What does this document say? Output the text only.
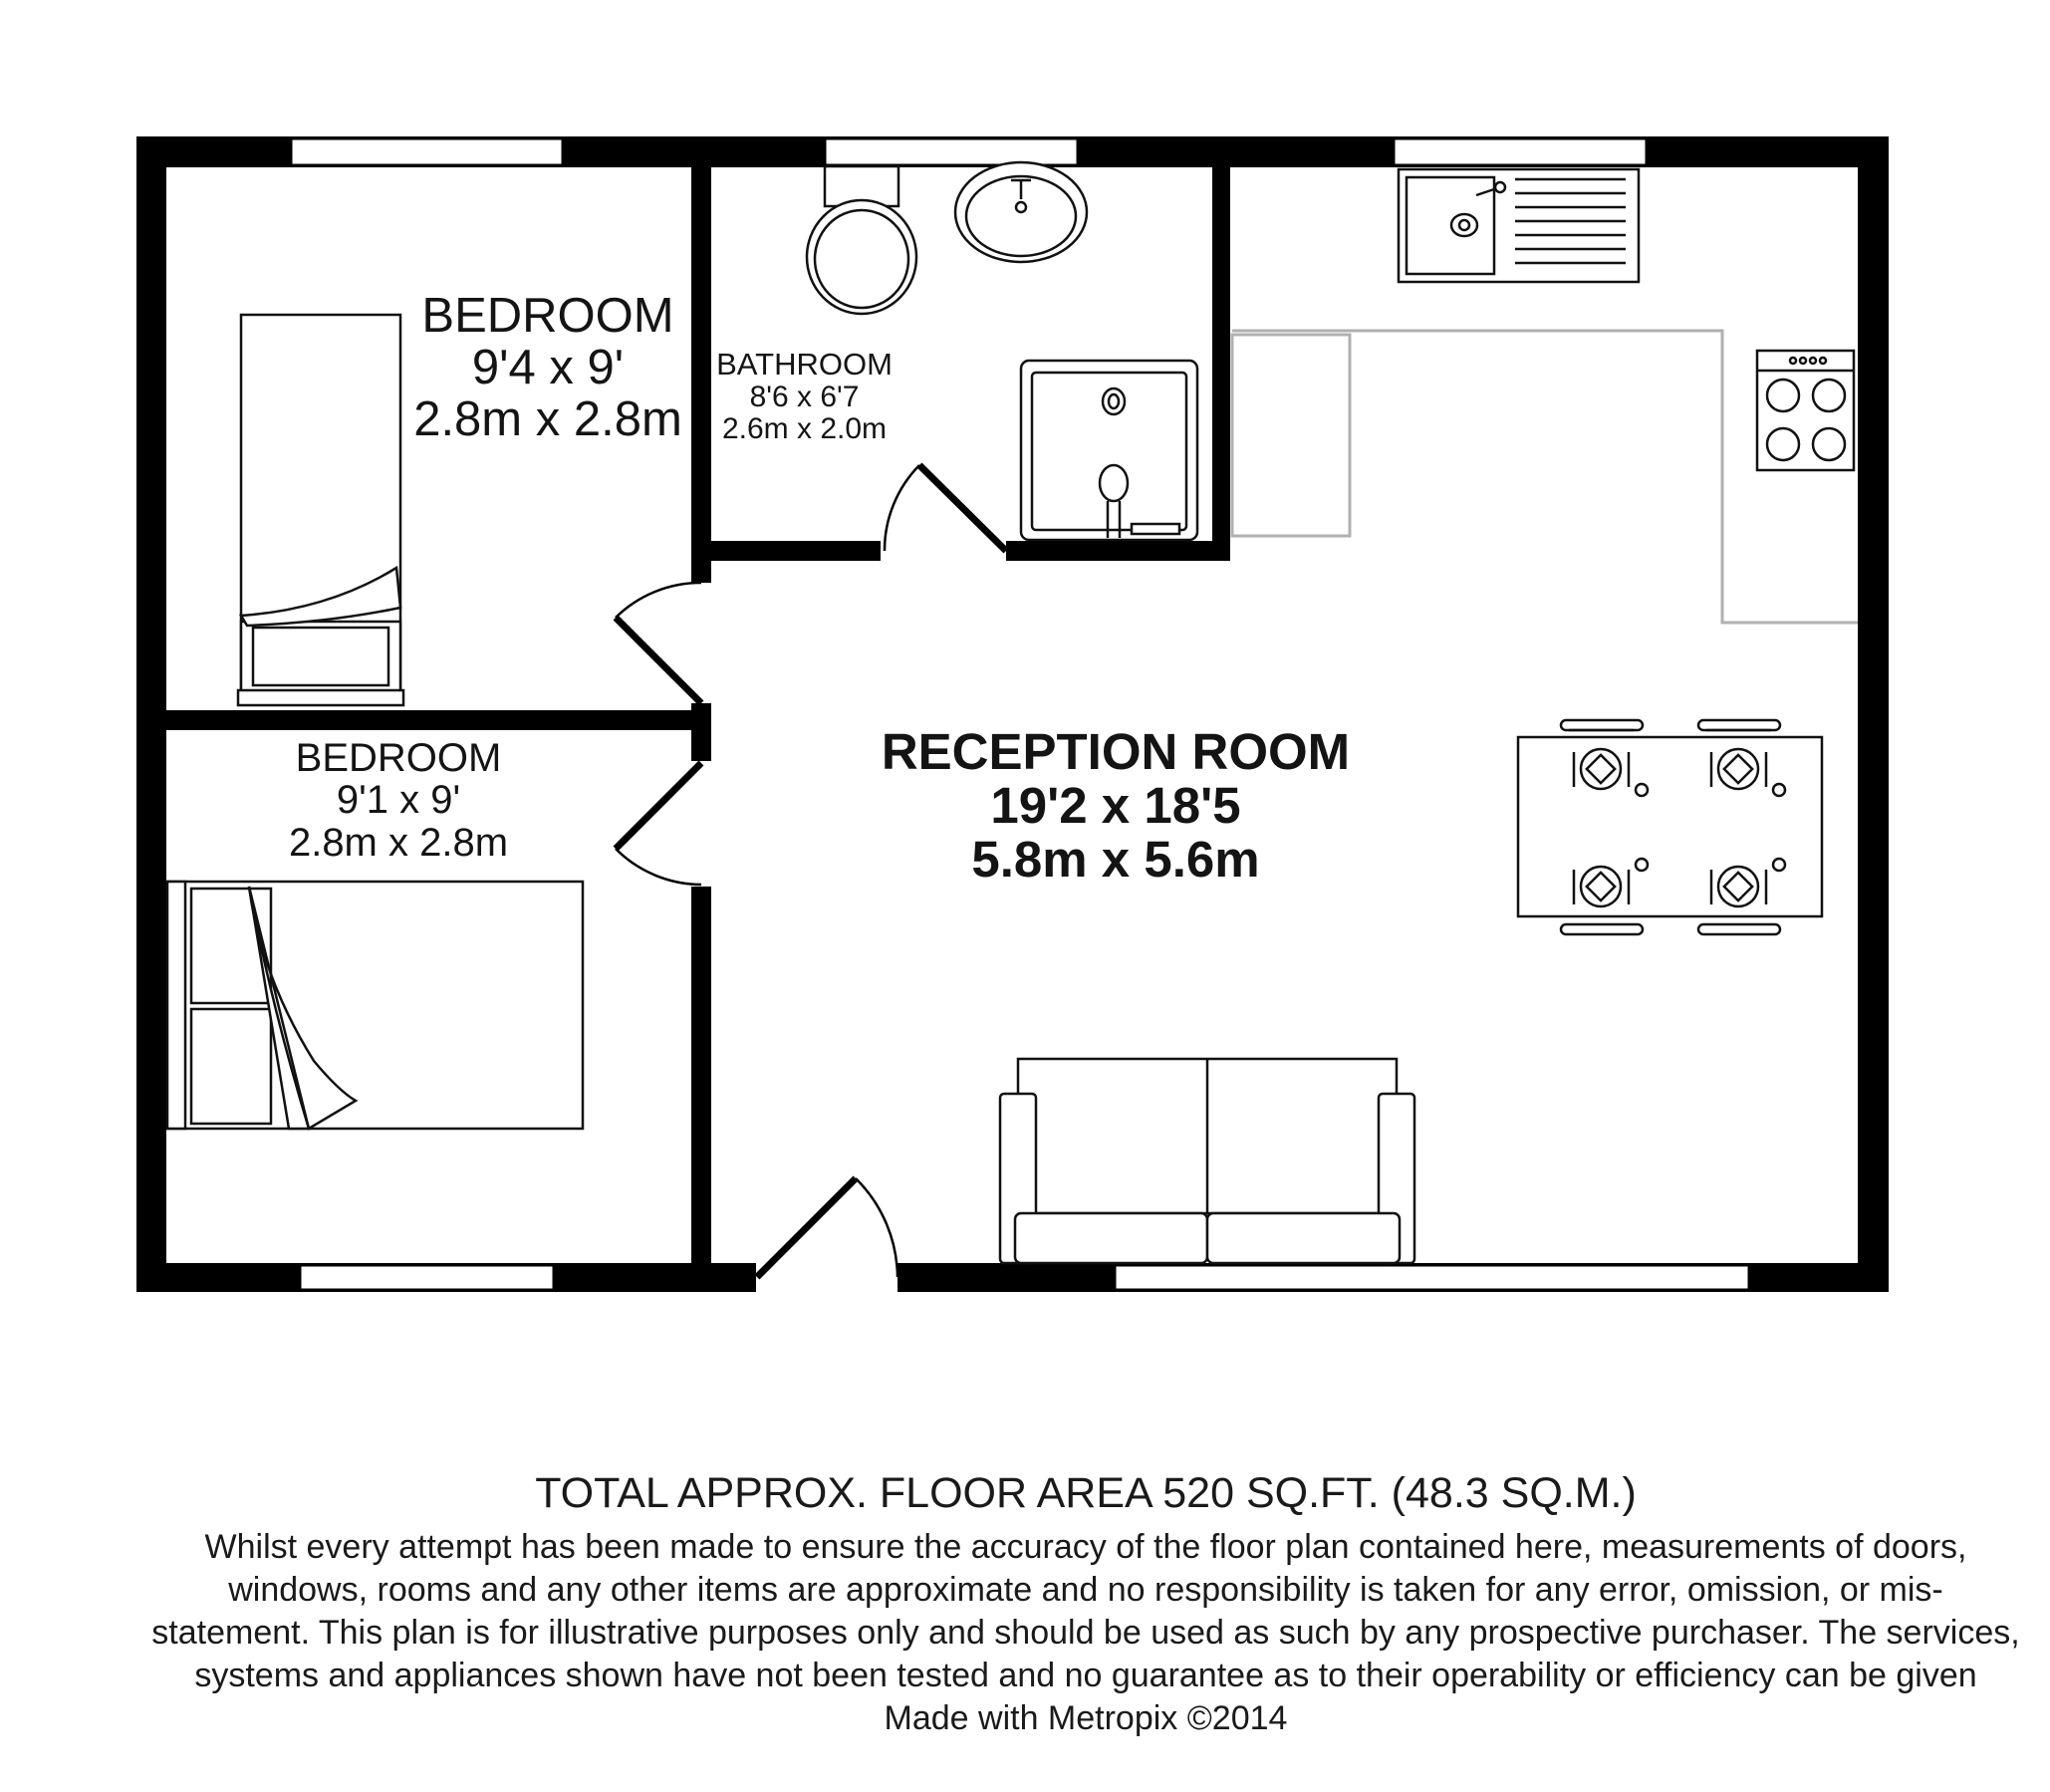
BEDROOM
9'4 x 9'
2.8m x 2.8m
BATHROOM
8'6 x 6'7
2.6m x 2.0m
BEDROOM
9'1 x 9'
2.8m x 2.8m
RECEPTION ROOM
19'2 x 18'5
5.8m x 5.6m

TOTAL APPROX. FLOOR AREA 520 SQ.FT. (48.3 SQ.M.)

Whilst every attempt has been made to ensure the accuracy of the floor plan contained here, measurements of doors, windows, rooms and any other items are approximate and no responsibility is taken for any error, omission, or mis-statement. This plan is for illustrative purposes only and should be used as such by any prospective purchaser. The services, systems and appliances shown have not been tested and no guarantee as to their operability or efficiency can be given

Made with Metropix ©2014
